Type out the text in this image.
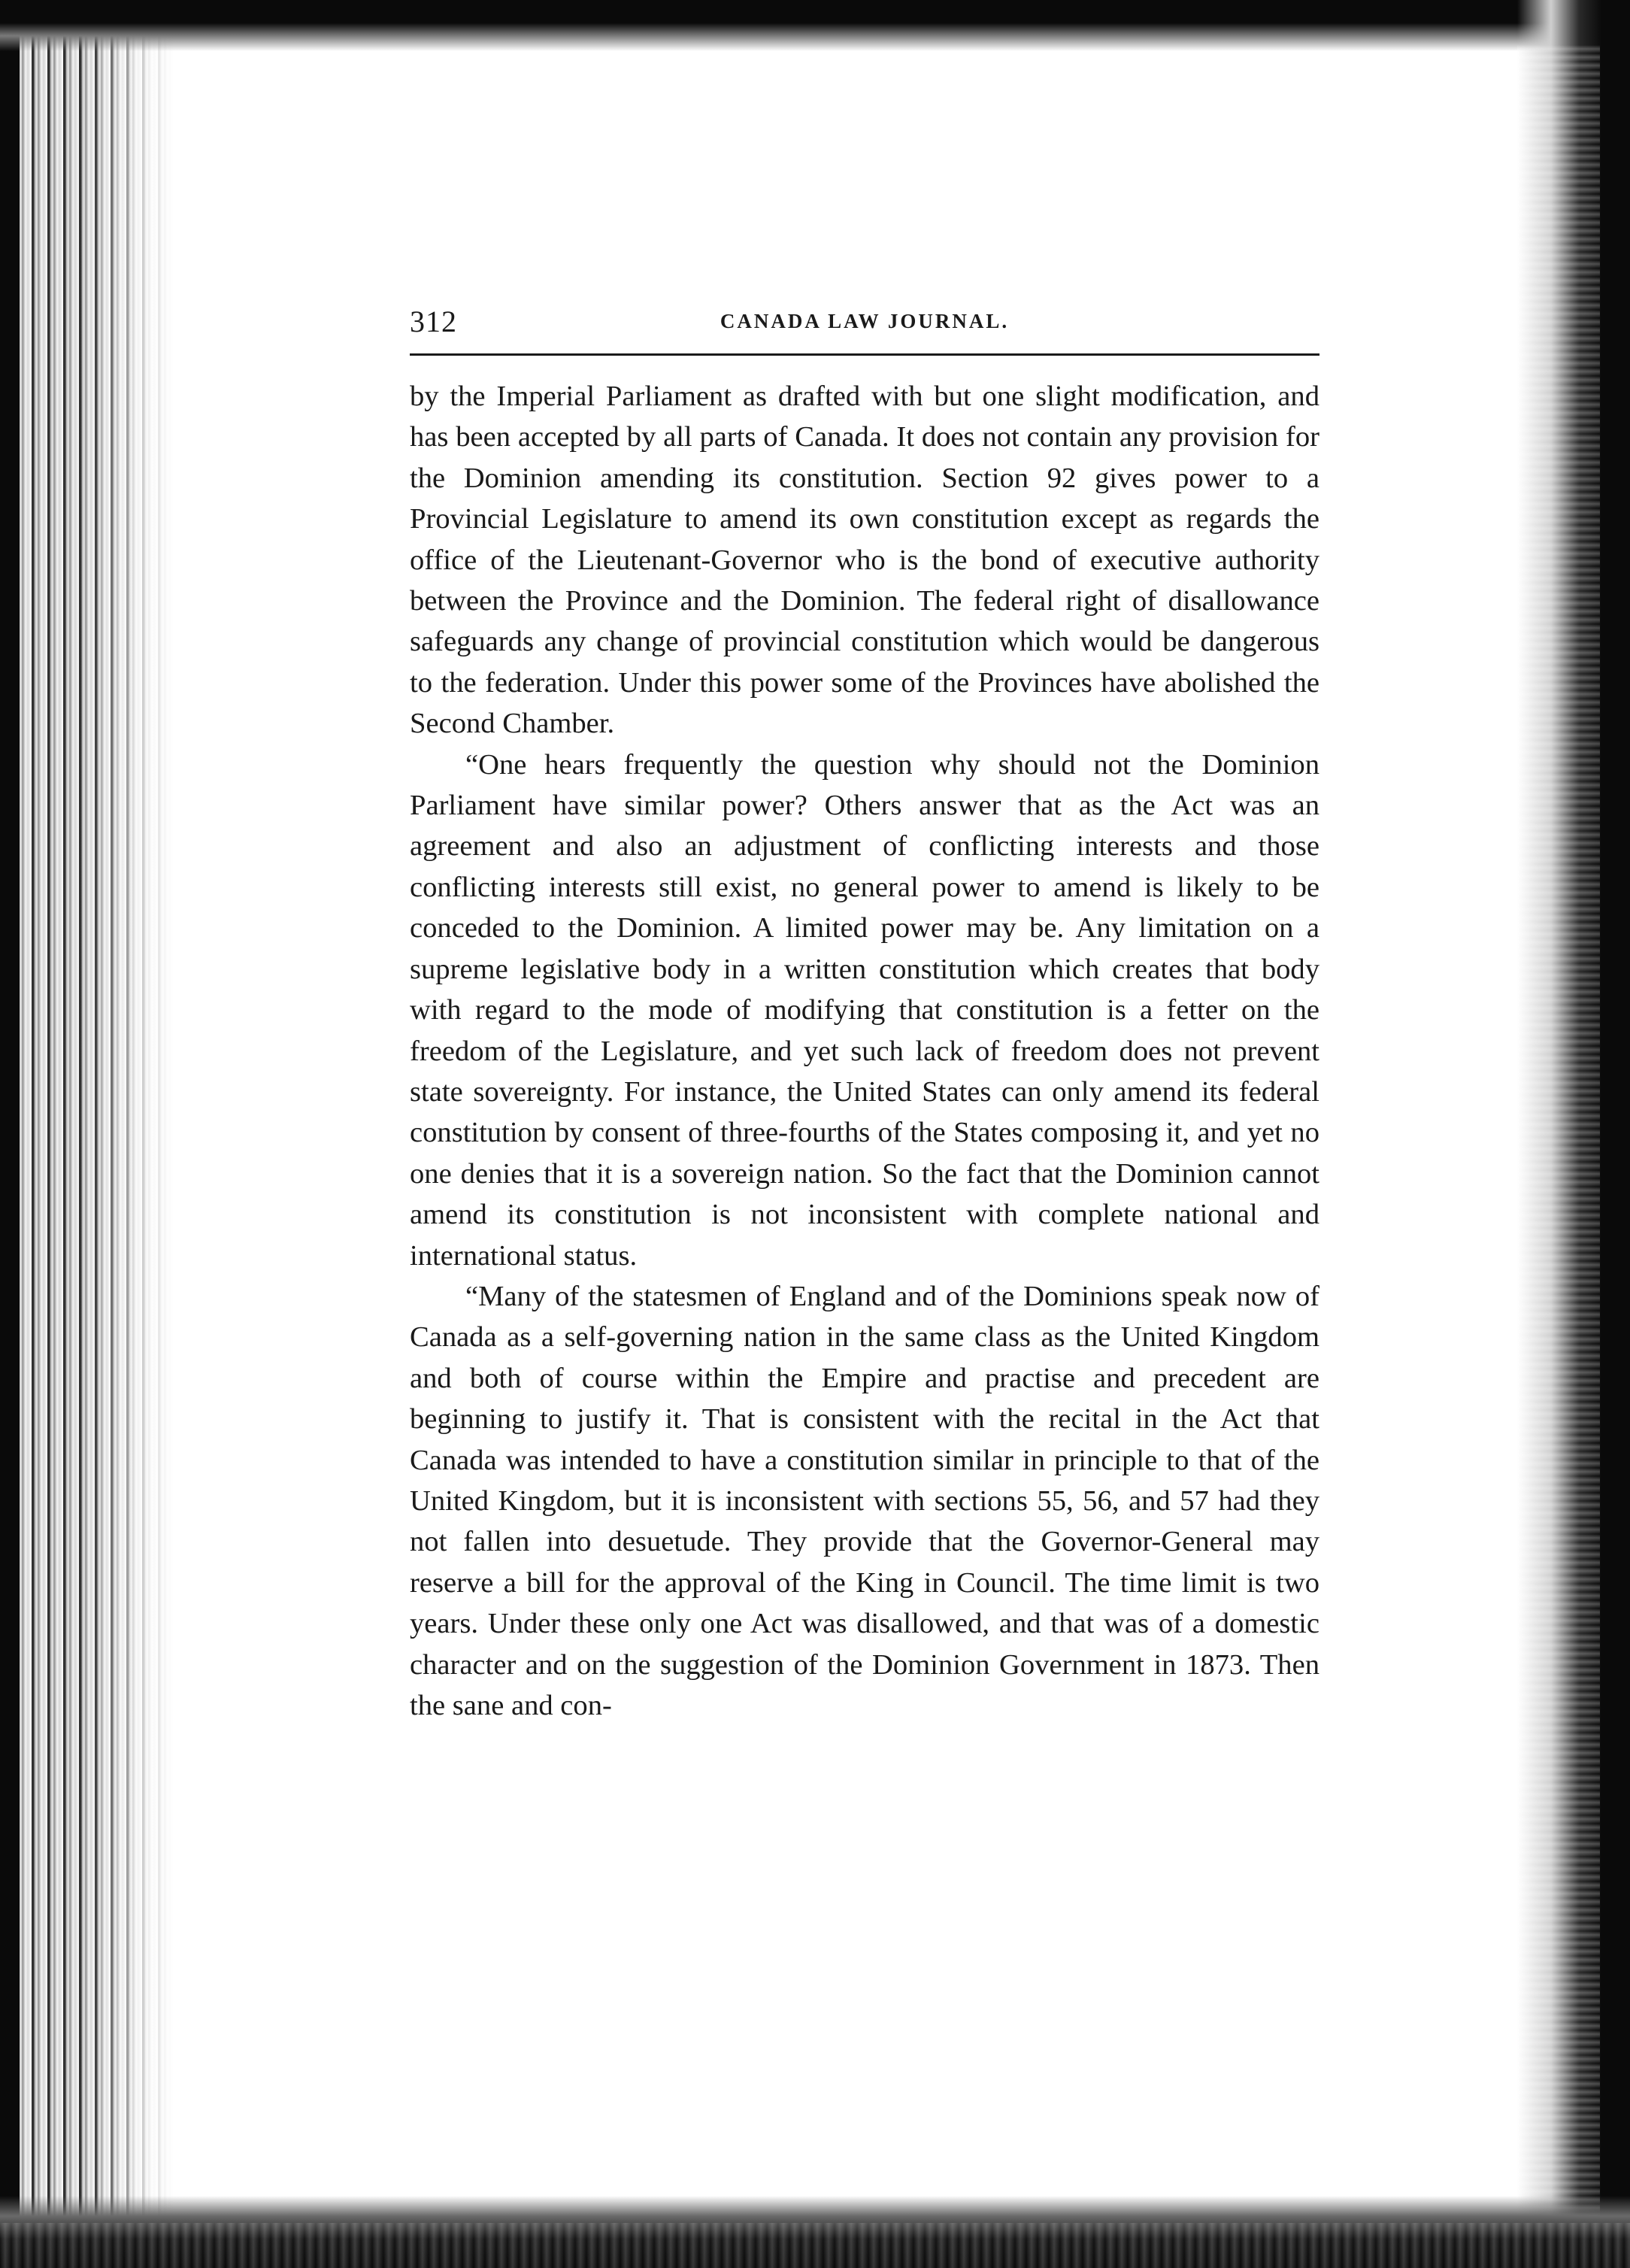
312	CANADA LAW JOURNAL.

by the Imperial Parliament as drafted with but one slight modification, and has been accepted by all parts of Canada. It does not contain any provision for the Dominion amending its constitution. Section 92 gives power to a Provincial Legislature to amend its own constitution except as regards the office of the Lieutenant-Governor who is the bond of executive authority between the Province and the Dominion. The federal right of disallowance safeguards any change of provincial constitution which would be dangerous to the federation. Under this power some of the Provinces have abolished the Second Chamber.

“One hears frequently the question why should not the Dominion Parliament have similar power? Others answer that as the Act was an agreement and also an adjustment of conflicting interests and those conflicting interests still exist, no general power to amend is likely to be conceded to the Dominion. A limited power may be. Any limitation on a supreme legislative body in a written constitution which creates that body with regard to the mode of modifying that constitution is a fetter on the freedom of the Legislature, and yet such lack of freedom does not prevent state sovereignty. For instance, the United States can only amend its federal constitution by consent of three-fourths of the States composing it, and yet no one denies that it is a sovereign nation. So the fact that the Dominion cannot amend its constitution is not inconsistent with complete national and international status.

“Many of the statesmen of England and of the Dominions speak now of Canada as a self-governing nation in the same class as the United Kingdom and both of course within the Empire and practise and precedent are beginning to justify it. That is consistent with the recital in the Act that Canada was intended to have a constitution similar in principle to that of the United Kingdom, but it is inconsistent with sections 55, 56, and 57 had they not fallen into desuetude. They provide that the Governor-General may reserve a bill for the approval of the King in Council. The time limit is two years. Under these only one Act was disallowed, and that was of a domestic character and on the suggestion of the Dominion Government in 1873. Then the sane and con-
